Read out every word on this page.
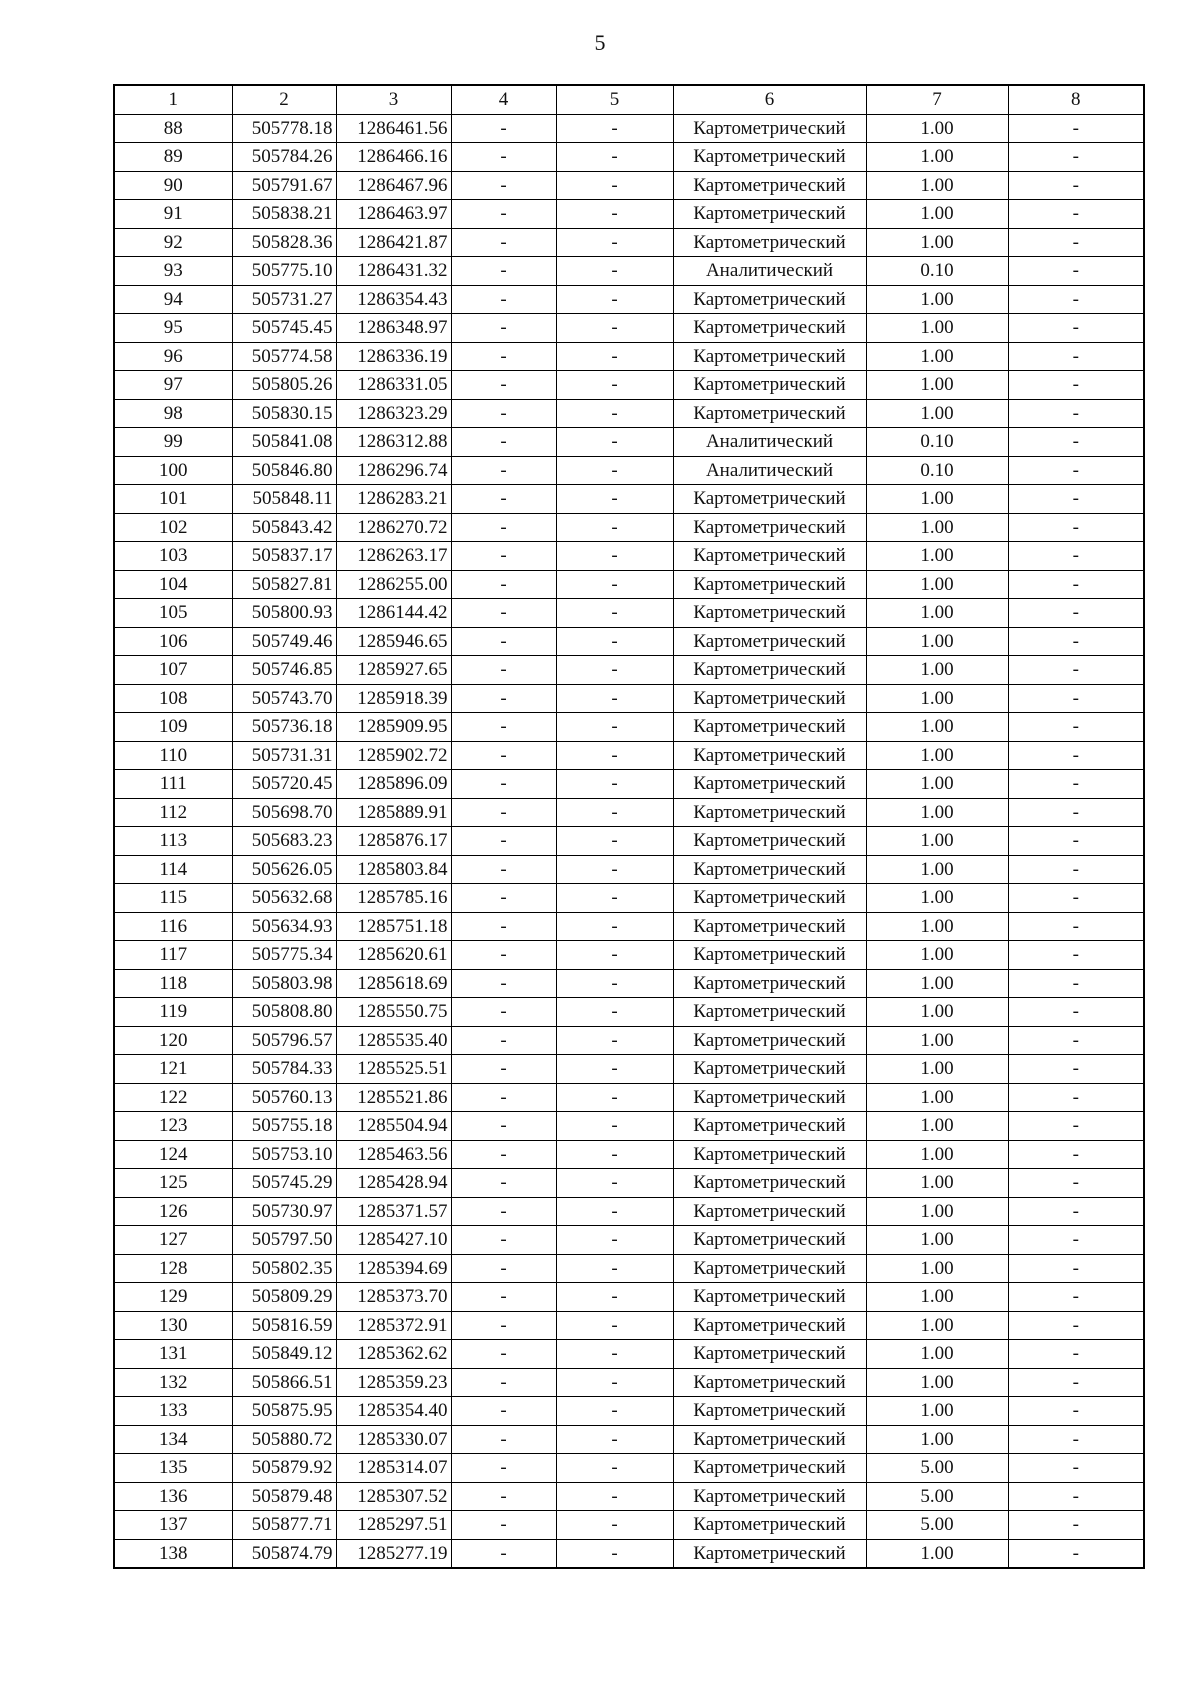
5
1	2	3	4	5	6	7	8
88	505778.18	1286461.56	-	-	Картометрический	1.00	-
89	505784.26	1286466.16	-	-	Картометрический	1.00	-
90	505791.67	1286467.96	-	-	Картометрический	1.00	-
91	505838.21	1286463.97	-	-	Картометрический	1.00	-
92	505828.36	1286421.87	-	-	Картометрический	1.00	-
93	505775.10	1286431.32	-	-	Аналитический	0.10	-
94	505731.27	1286354.43	-	-	Картометрический	1.00	-
95	505745.45	1286348.97	-	-	Картометрический	1.00	-
96	505774.58	1286336.19	-	-	Картометрический	1.00	-
97	505805.26	1286331.05	-	-	Картометрический	1.00	-
98	505830.15	1286323.29	-	-	Картометрический	1.00	-
99	505841.08	1286312.88	-	-	Аналитический	0.10	-
100	505846.80	1286296.74	-	-	Аналитический	0.10	-
101	505848.11	1286283.21	-	-	Картометрический	1.00	-
102	505843.42	1286270.72	-	-	Картометрический	1.00	-
103	505837.17	1286263.17	-	-	Картометрический	1.00	-
104	505827.81	1286255.00	-	-	Картометрический	1.00	-
105	505800.93	1286144.42	-	-	Картометрический	1.00	-
106	505749.46	1285946.65	-	-	Картометрический	1.00	-
107	505746.85	1285927.65	-	-	Картометрический	1.00	-
108	505743.70	1285918.39	-	-	Картометрический	1.00	-
109	505736.18	1285909.95	-	-	Картометрический	1.00	-
110	505731.31	1285902.72	-	-	Картометрический	1.00	-
111	505720.45	1285896.09	-	-	Картометрический	1.00	-
112	505698.70	1285889.91	-	-	Картометрический	1.00	-
113	505683.23	1285876.17	-	-	Картометрический	1.00	-
114	505626.05	1285803.84	-	-	Картометрический	1.00	-
115	505632.68	1285785.16	-	-	Картометрический	1.00	-
116	505634.93	1285751.18	-	-	Картометрический	1.00	-
117	505775.34	1285620.61	-	-	Картометрический	1.00	-
118	505803.98	1285618.69	-	-	Картометрический	1.00	-
119	505808.80	1285550.75	-	-	Картометрический	1.00	-
120	505796.57	1285535.40	-	-	Картометрический	1.00	-
121	505784.33	1285525.51	-	-	Картометрический	1.00	-
122	505760.13	1285521.86	-	-	Картометрический	1.00	-
123	505755.18	1285504.94	-	-	Картометрический	1.00	-
124	505753.10	1285463.56	-	-	Картометрический	1.00	-
125	505745.29	1285428.94	-	-	Картометрический	1.00	-
126	505730.97	1285371.57	-	-	Картометрический	1.00	-
127	505797.50	1285427.10	-	-	Картометрический	1.00	-
128	505802.35	1285394.69	-	-	Картометрический	1.00	-
129	505809.29	1285373.70	-	-	Картометрический	1.00	-
130	505816.59	1285372.91	-	-	Картометрический	1.00	-
131	505849.12	1285362.62	-	-	Картометрический	1.00	-
132	505866.51	1285359.23	-	-	Картометрический	1.00	-
133	505875.95	1285354.40	-	-	Картометрический	1.00	-
134	505880.72	1285330.07	-	-	Картометрический	1.00	-
135	505879.92	1285314.07	-	-	Картометрический	5.00	-
136	505879.48	1285307.52	-	-	Картометрический	5.00	-
137	505877.71	1285297.51	-	-	Картометрический	5.00	-
138	505874.79	1285277.19	-	-	Картометрический	1.00	-
